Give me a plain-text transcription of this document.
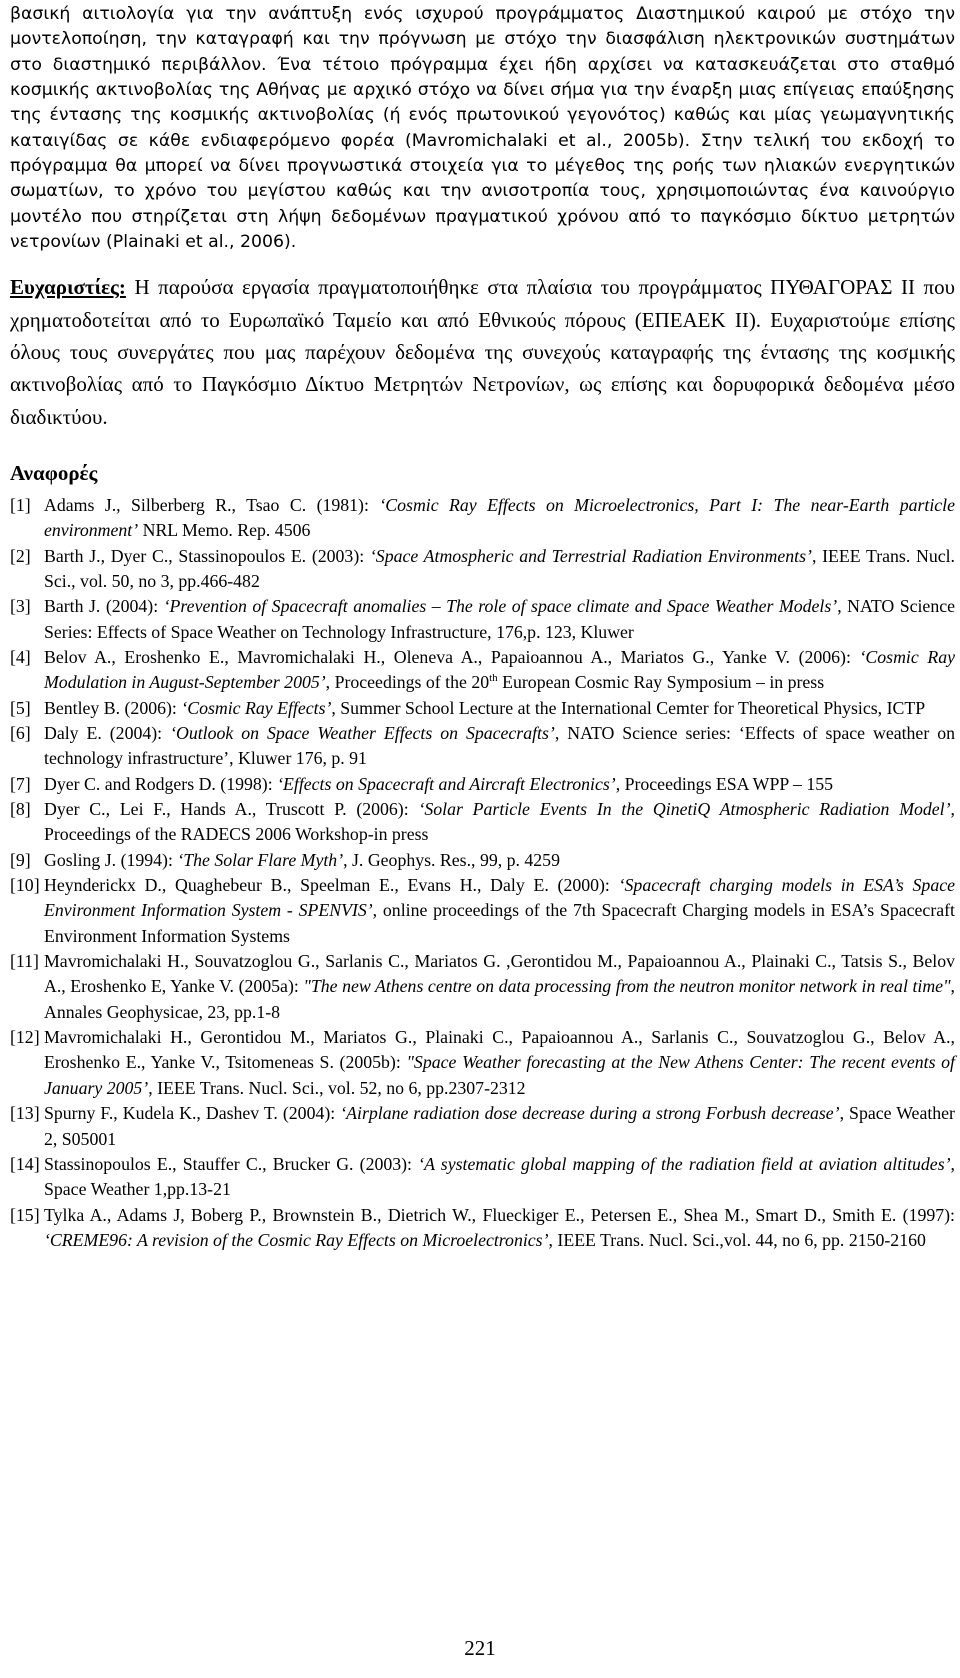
βασική αιτιολογία για την ανάπτυξη ενός ισχυρού προγράμματος Διαστημικού καιρού με στόχο την μοντελοποίηση, την καταγραφή και την πρόγνωση με στόχο την διασφάλιση ηλεκτρονικών συστημάτων στο διαστημικό περιβάλλον. Ένα τέτοιο πρόγραμμα έχει ήδη αρχίσει να κατασκευάζεται στο σταθμό κοσμικής ακτινοβολίας της Αθήνας με αρχικό στόχο να δίνει σήμα για την έναρξη μιας επίγειας επαύξησης της έντασης της κοσμικής ακτινοβολίας (ή ενός πρωτονικού γεγονότος) καθώς και μίας γεωμαγνητικής καταιγίδας σε κάθε ενδιαφερόμενο φορέα (Mavromichalaki et al., 2005b). Στην τελική του εκδοχή το πρόγραμμα θα μπορεί να δίνει προγνωστικά στοιχεία για το μέγεθος της ροής των ηλιακών ενεργητικών σωματίων, το χρόνο του μεγίστου καθώς και την ανισοτροπία τους, χρησιμοποιώντας ένα καινούργιο μοντέλο που στηρίζεται στη λήψη δεδομένων πραγματικού χρόνου από το παγκόσμιο δίκτυο μετρητών νετρονίων (Plainaki et al., 2006).

Ευχαριστίες: Η παρούσα εργασία πραγματοποιήθηκε στα πλαίσια του προγράμματος ΠΥΘΑΓΟΡΑΣ ΙΙ που χρηματοδοτείται από το Ευρωπαϊκό Ταμείο και από Εθνικούς πόρους (ΕΠΕΑΕΚ ΙΙ). Ευχαριστούμε επίσης όλους τους συνεργάτες που μας παρέχουν δεδομένα της συνεχούς καταγραφής της έντασης της κοσμικής ακτινοβολίας από το Παγκόσμιο Δίκτυο Μετρητών Νετρονίων, ως επίσης και δορυφορικά δεδομένα μέσο διαδικτύου.

Αναφορές
[1] Adams J., Silberberg R., Tsao C. (1981): ‘Cosmic Ray Effects on Microelectronics, Part I: The near-Earth particle environment’ NRL Memo. Rep. 4506
[2] Barth J., Dyer C., Stassinopoulos E. (2003): ‘Space Atmospheric and Terrestrial Radiation Environments’, IEEE Trans. Nucl. Sci., vol. 50, no 3, pp.466-482
[3] Barth J. (2004): ‘Prevention of Spacecraft anomalies – The role of space climate and Space Weather Models’, NATO Science Series: Effects of Space Weather on Technology Infrastructure, 176,p. 123, Kluwer
[4] Belov A., Eroshenko E., Mavromichalaki H., Oleneva A., Papaioannou A., Mariatos G., Yanke V. (2006): ‘Cosmic Ray Modulation in August-September 2005’, Proceedings of the 20th European Cosmic Ray Symposium – in press
[5] Bentley B. (2006): ‘Cosmic Ray Effects’, Summer School Lecture at the International Cemter for Theoretical Physics, ICTP
[6] Daly E. (2004): ‘Outlook on Space Weather Effects on Spacecrafts’, NATO Science series: ‘Effects of space weather on technology infrastructure’, Kluwer 176, p. 91
[7] Dyer C. and Rodgers D. (1998): ‘Effects on Spacecraft and Aircraft Electronics’, Proceedings ESA WPP – 155
[8] Dyer C., Lei F., Hands A., Truscott P. (2006): ‘Solar Particle Events In the QinetiQ Atmospheric Radiation Model’, Proceedings of the RADECS 2006 Workshop-in press
[9] Gosling J. (1994): ‘The Solar Flare Myth’, J. Geophys. Res., 99, p. 4259
[10] Heynderickx D., Quaghebeur B., Speelman E., Evans H., Daly E. (2000): ‘Spacecraft charging models in ESA’s Space Environment Information System - SPENVIS’, online proceedings of the 7th Spacecraft Charging models in ESA’s Spacecraft Environment Information Systems
[11] Mavromichalaki H., Souvatzoglou G., Sarlanis C., Mariatos G. ,Gerontidou M., Papaioannou A., Plainaki C., Tatsis S., Belov A., Eroshenko E, Yanke V. (2005a): "The new Athens centre on data processing from the neutron monitor network in real time", Annales Geophysicae, 23, pp.1-8
[12] Mavromichalaki H., Gerontidou M., Mariatos G., Plainaki C., Papaioannou A., Sarlanis C., Souvatzoglou G., Belov A., Eroshenko E., Yanke V., Tsitomeneas S. (2005b): "Space Weather forecasting at the New Athens Center: The recent events of January 2005’, IEEE Trans. Nucl. Sci., vol. 52, no 6, pp.2307-2312
[13] Spurny F., Kudela K., Dashev T. (2004): ‘Airplane radiation dose decrease during a strong Forbush decrease’, Space Weather 2, S05001
[14] Stassinopoulos E., Stauffer C., Brucker G. (2003): ‘A systematic global mapping of the radiation field at aviation altitudes’, Space Weather 1,pp.13-21
[15] Tylka A., Adams J, Boberg P., Brownstein B., Dietrich W., Flueckiger E., Petersen E., Shea M., Smart D., Smith E. (1997): ‘CREME96: A revision of the Cosmic Ray Effects on Microelectronics’, IEEE Trans. Nucl. Sci.,vol. 44, no 6, pp. 2150-2160
221
